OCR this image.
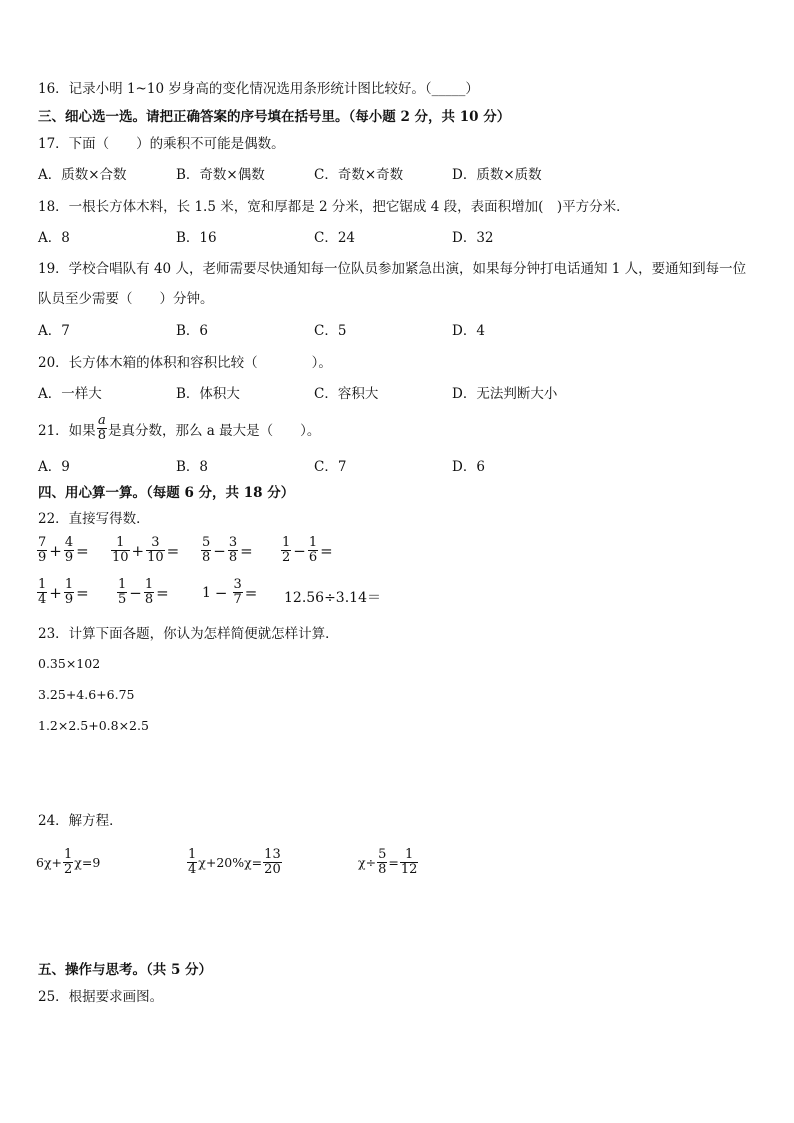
16．记录小明 1~10 岁身高的变化情况选用条形统计图比较好。（_____）
三、细心选一选。请把正确答案的序号填在括号里。（每小题 2 分，共 10 分）
17．下面（　　）的乘积不可能是偶数。
A．质数×合数	B．奇数×偶数	C．奇数×奇数	D．质数×质数
18．一根长方体木料，长 1.5 米，宽和厚都是 2 分米，把它锯成 4 段，表面积增加(　)平方分米．
A．8	B．16	C．24	D．32
19．学校合唱队有 40 人，老师需要尽快通知每一位队员参加紧急出演，如果每分钟打电话通知 1 人，要通知到每一位
队员至少需要（　　）分钟。
A．7	B．6	C．5	D．4
20．长方体木箱的体积和容积比较（　　　　）。
A．一样大	B．体积大	C．容积大	D．无法判断大小
21．如果 $\frac{a}{8}$ 是真分数，那么 a 最大是（　　）。
A．9	B．8	C．7	D．6
四、用心算一算。（每题 6 分，共 18 分）
22．直接写得数．
$\frac{7}{9} + \frac{4}{9} = \frac{1}{10} + \frac{3}{10} = \frac{5}{8} - \frac{3}{8} = \frac{1}{2} - \frac{1}{6}$ =
$\frac{1}{4} + \frac{1}{9} = \frac{1}{5} - \frac{1}{8} = 1 - \frac{3}{7} = 12.56\div 3.14=$
23．计算下面各题，你认为怎样简便就怎样计算．
0.35×102
3.25+4.6+6.75
1.2×2.5+0.8×2.5
24．解方程．
$6\chi+ \frac{1}{2} \chi=9$	$\frac{1}{4} \chi+20\%\chi= \frac{13}{20}$	$\chi\div \frac{5}{8} = \frac{1}{12}$
五、操作与思考。（共 5 分）
25．根据要求画图。
